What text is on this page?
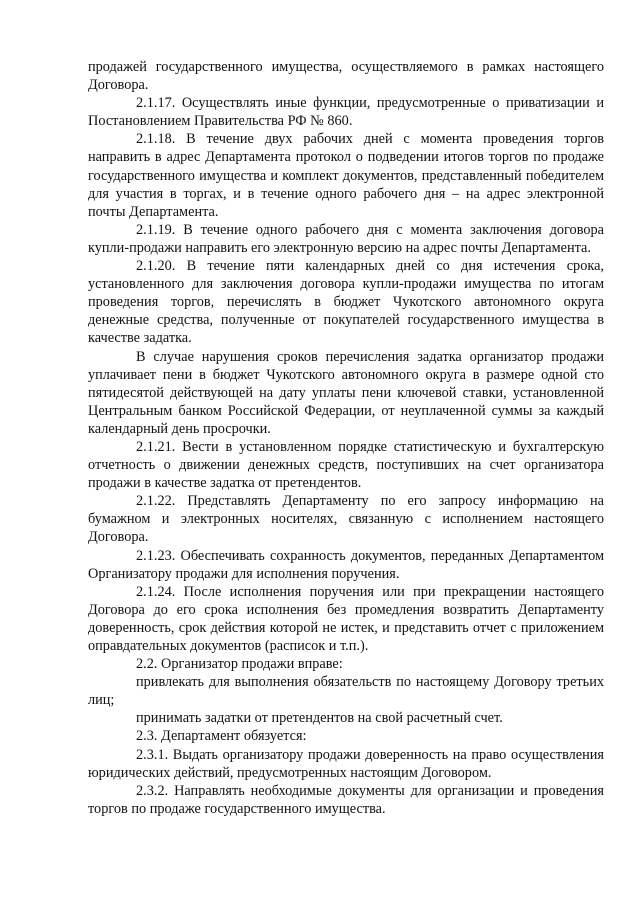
продажей государственного имущества, осуществляемого в рамках настоящего Договора.

2.1.17. Осуществлять иные функции, предусмотренные о приватизации и Постановлением Правительства РФ № 860.

2.1.18. В течение двух рабочих дней с момента проведения торгов направить в адрес Департамента протокол о подведении итогов торгов по продаже государственного имущества и комплект документов, представленный победителем для участия в торгах, и в течение одного рабочего дня – на адрес электронной почты Департамента.

2.1.19. В течение одного рабочего дня с момента заключения договора купли-продажи направить его электронную версию на адрес почты Департамента.

2.1.20. В течение пяти календарных дней со дня истечения срока, установленного для заключения договора купли-продажи имущества по итогам проведения торгов, перечислять в бюджет Чукотского автономного округа денежные средства, полученные от покупателей государственного имущества в качестве задатка.

В случае нарушения сроков перечисления задатка организатор продажи уплачивает пени в бюджет Чукотского автономного округа в размере одной сто пятидесятой действующей на дату уплаты пени ключевой ставки, установленной Центральным банком Российской Федерации, от неуплаченной суммы за каждый календарный день просрочки.

2.1.21. Вести в установленном порядке статистическую и бухгалтерскую отчетность о движении денежных средств, поступивших на счет организатора продажи в качестве задатка от претендентов.

2.1.22. Представлять Департаменту по его запросу информацию на бумажном и электронных носителях, связанную с исполнением настоящего Договора.

2.1.23. Обеспечивать сохранность документов, переданных Департаментом Организатору продажи для исполнения поручения.

2.1.24. После исполнения поручения или при прекращении настоящего Договора до его срока исполнения без промедления возвратить Департаменту доверенность, срок действия которой не истек, и представить отчет с приложением оправдательных документов (расписок и т.п.).

2.2. Организатор продажи вправе:

привлекать для выполнения обязательств по настоящему Договору третьих лиц;

принимать задатки от претендентов на свой расчетный счет.

2.3. Департамент обязуется:

2.3.1. Выдать организатору продажи доверенность на право осуществления юридических действий, предусмотренных настоящим Договором.

2.3.2. Направлять необходимые документы для организации и проведения торгов по продаже государственного имущества.
